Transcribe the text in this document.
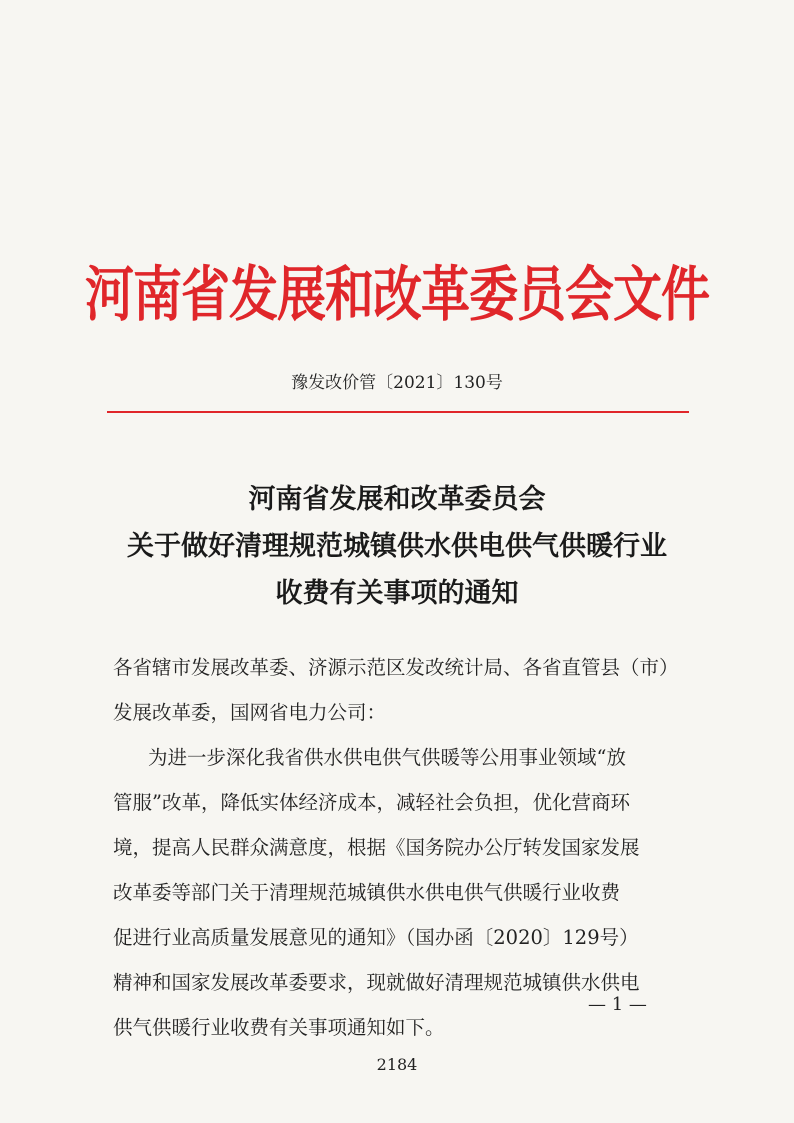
河南省发展和改革委员会文件
豫发改价管〔2021〕130号
河南省发展和改革委员会
关于做好清理规范城镇供水供电供气供暖行业
收费有关事项的通知
各省辖市发展改革委、济源示范区发改统计局、各省直管县（市）
发展改革委，国网省电力公司：
为进一步深化我省供水供电供气供暖等公用事业领域“放
管服”改革，降低实体经济成本，减轻社会负担，优化营商环
境，提高人民群众满意度，根据《国务院办公厅转发国家发展
改革委等部门关于清理规范城镇供水供电供气供暖行业收费
促进行业高质量发展意见的通知》（国办函〔2020〕129号）
精神和国家发展改革委要求，现就做好清理规范城镇供水供电
供气供暖行业收费有关事项通知如下。
— 1 —
2184
